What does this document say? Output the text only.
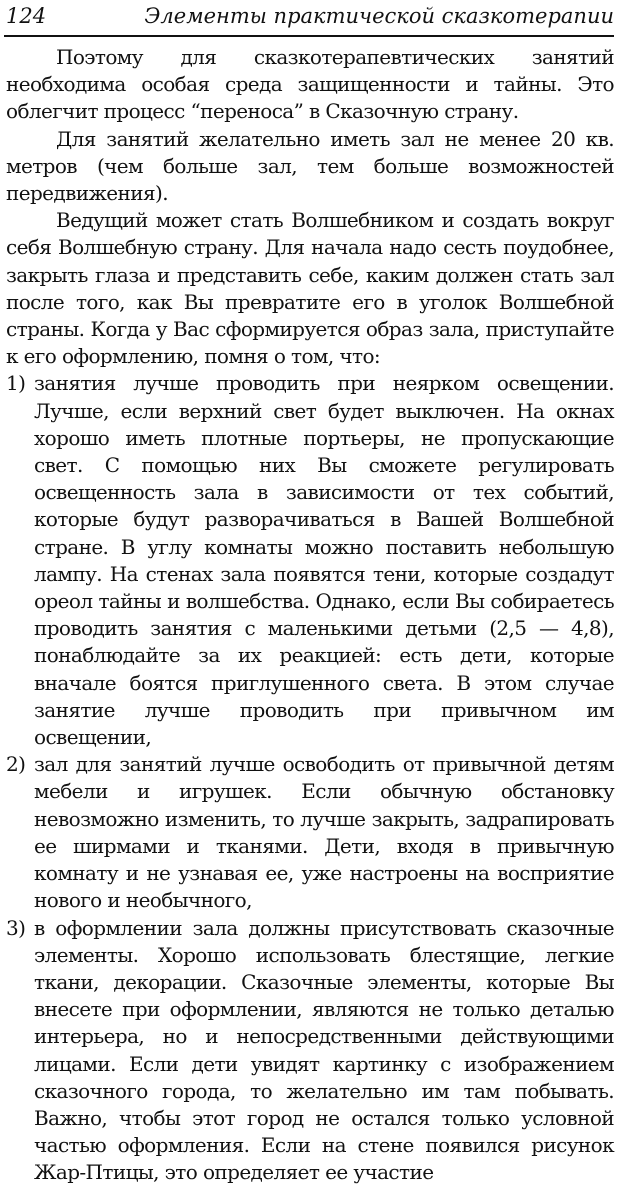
124	Элементы практической сказкотерапии

Поэтому для сказкотерапевтических занятий необходима особая среда защищенности и тайны. Это облегчит процесс “переноса” в Сказочную страну.

Для занятий желательно иметь зал не менее 20 кв. метров (чем больше зал, тем больше возможностей передвижения).

Ведущий может стать Волшебником и создать вокруг себя Волшебную страну. Для начала надо сесть поудобнее, закрыть глаза и представить себе, каким должен стать зал после того, как Вы превратите его в уголок Волшебной страны. Когда у Вас сформируется образ зала, приступайте к его оформлению, помня о том, что:

1) занятия лучше проводить при неярком освещении. Лучше, если верхний свет будет выключен. На окнах хорошо иметь плотные портьеры, не пропускающие свет. С помощью них Вы сможете регулировать освещенность зала в зависимости от тех событий, которые будут разворачиваться в Вашей Волшебной стране. В углу комнаты можно поставить небольшую лампу. На стенах зала появятся тени, которые создадут ореол тайны и волшебства. Однако, если Вы собираетесь проводить занятия с маленькими детьми (2,5 — 4,8), понаблюдайте за их реакцией: есть дети, которые вначале боятся приглушенного света. В этом случае занятие лучше проводить при привычном им освещении,

2) зал для занятий лучше освободить от привычной детям мебели и игрушек. Если обычную обстановку невозможно изменить, то лучше закрыть, задрапировать ее ширмами и тканями. Дети, входя в привычную комнату и не узнавая ее, уже настроены на восприятие нового и необычного,

3) в оформлении зала должны присутствовать сказочные элементы. Хорошо использовать блестящие, легкие ткани, декорации. Сказочные элементы, которые Вы внесете при оформлении, являются не только деталью интерьера, но и непосредственными действующими лицами. Если дети увидят картинку с изображением сказочного города, то желательно им там побывать. Важно, чтобы этот город не остался только условной частью оформления. Если на стене появился рисунок Жар-Птицы, это определяет ее участие
